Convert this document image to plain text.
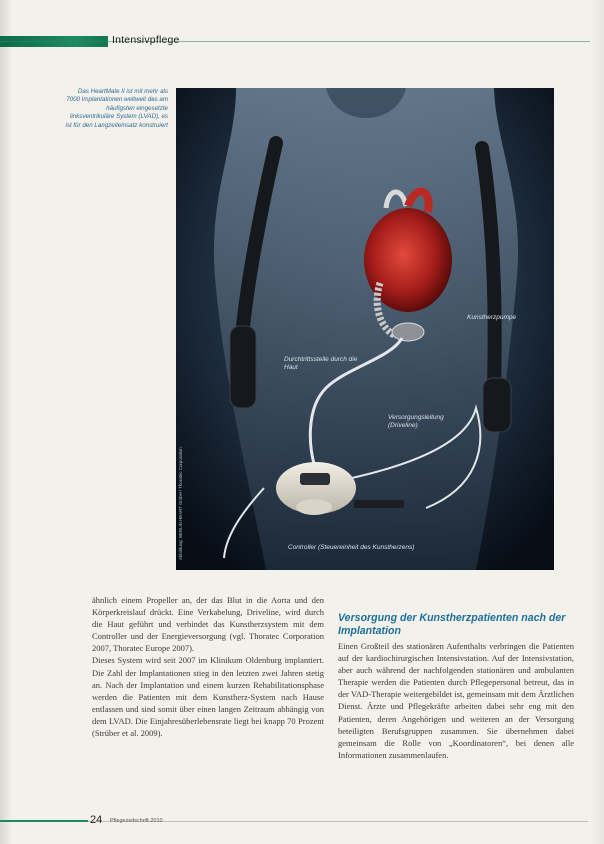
Intensivpflege
Das HeartMate II ist mit mehr als 7000 Implantationen weltweit das am häufigsten eingesetzte linksventrikuläre System (LVAD), es ist für den Langzeiteinsatz konstruiert
Kunstherzpumpe
Durchtrittsstelle durch die Haut
Versorgungsleitung (Driveline)
Controller (Steuereinheit des Kunstherzens)
Abbildung: BERLIN HEART GmbH / Thoratec Corporation

ähnlich einem Propeller an, der das Blut in die Aorta und den Körperkreislauf drückt. Eine Verkabelung, Driveline, wird durch die Haut geführt und verbindet das Kunstherzsystem mit dem Controller und der Energieversorgung (vgl. Thoratec Corporation 2007, Thoratec Europe 2007).

Dieses System wird seit 2007 im Klinikum Oldenburg implantiert. Die Zahl der Implantationen stieg in den letzten zwei Jahren stetig an. Nach der Implantation und einem kurzen Rehabilitationsphase werden die Patienten mit dem Kunstherz-System nach Hause entlassen und sind somit über einen langen Zeitraum abhängig von dem LVAD. Die Einjahresüberlebensrate liegt bei knapp 70 Prozent (Strüber et al. 2009).

Versorgung der Kunstherzpatienten nach der Implantation

Einen Großteil des stationären Aufenthalts verbringen die Patienten auf der kardiochirurgischen Intensivstation. Auf der Intensivstation, aber auch während der nachfolgenden stationären und ambulanten Therapie werden die Patienten durch Pflegepersonal betreut, das in der VAD-Therapie weitergebildet ist, gemeinsam mit dem Ärztlichen Dienst. Ärzte und Pflegekräfte arbeiten dabei sehr eng mit den Patienten, deren Angehörigen und weiteren an der Versorgung beteiligten Berufsgruppen zusammen. Sie übernehmen dabei gemeinsam die Rolle von „Koordinatoren“, bei denen alle Informationen zusammenlaufen.

24 Pflegezeitschrift 2010
